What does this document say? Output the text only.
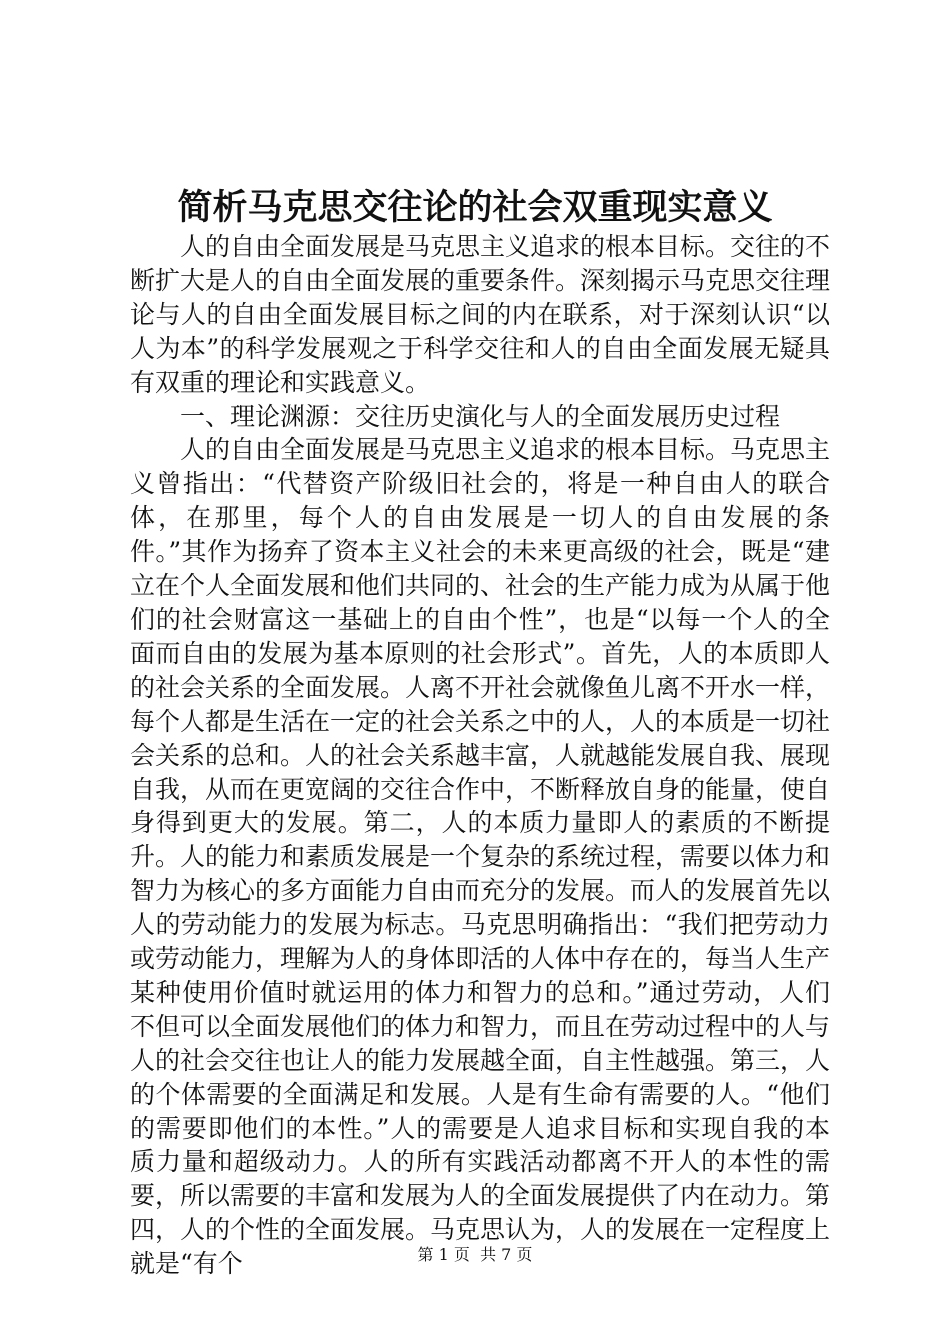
简析马克思交往论的社会双重现实意义

人的自由全面发展是马克思主义追求的根本目标。交往的不断扩大是人的自由全面发展的重要条件。深刻揭示马克思交往理论与人的自由全面发展目标之间的内在联系，对于深刻认识“以人为本”的科学发展观之于科学交往和人的自由全面发展无疑具有双重的理论和实践意义。

一、理论渊源：交往历史演化与人的全面发展历史过程

人的自由全面发展是马克思主义追求的根本目标。马克思主义曾指出：“代替资产阶级旧社会的，将是一种自由人的联合体，在那里，每个人的自由发展是一切人的自由发展的条件。”其作为扬弃了资本主义社会的未来更高级的社会，既是“建立在个人全面发展和他们共同的、社会的生产能力成为从属于他们的社会财富这一基础上的自由个性”，也是“以每一个人的全面而自由的发展为基本原则的社会形式”。首先，人的本质即人的社会关系的全面发展。人离不开社会就像鱼儿离不开水一样，每个人都是生活在一定的社会关系之中的人，人的本质是一切社会关系的总和。人的社会关系越丰富，人就越能发展自我、展现自我，从而在更宽阔的交往合作中，不断释放自身的能量，使自身得到更大的发展。第二，人的本质力量即人的素质的不断提升。人的能力和素质发展是一个复杂的系统过程，需要以体力和智力为核心的多方面能力自由而充分的发展。而人的发展首先以人的劳动能力的发展为标志。马克思明确指出：“我们把劳动力或劳动能力，理解为人的身体即活的人体中存在的，每当人生产某种使用价值时就运用的体力和智力的总和。”通过劳动，人们不但可以全面发展他们的体力和智力，而且在劳动过程中的人与人的社会交往也让人的能力发展越全面，自主性越强。第三，人的个体需要的全面满足和发展。人是有生命有需要的人。“他们的需要即他们的本性。”人的需要是人追求目标和实现自我的本质力量和超级动力。人的所有实践活动都离不开人的本性的需要，所以需要的丰富和发展为人的全面发展提供了内在动力。第四，人的个性的全面发展。马克思认为，人的发展在一定程度上就是“有个	第 1 页  共 7 页
